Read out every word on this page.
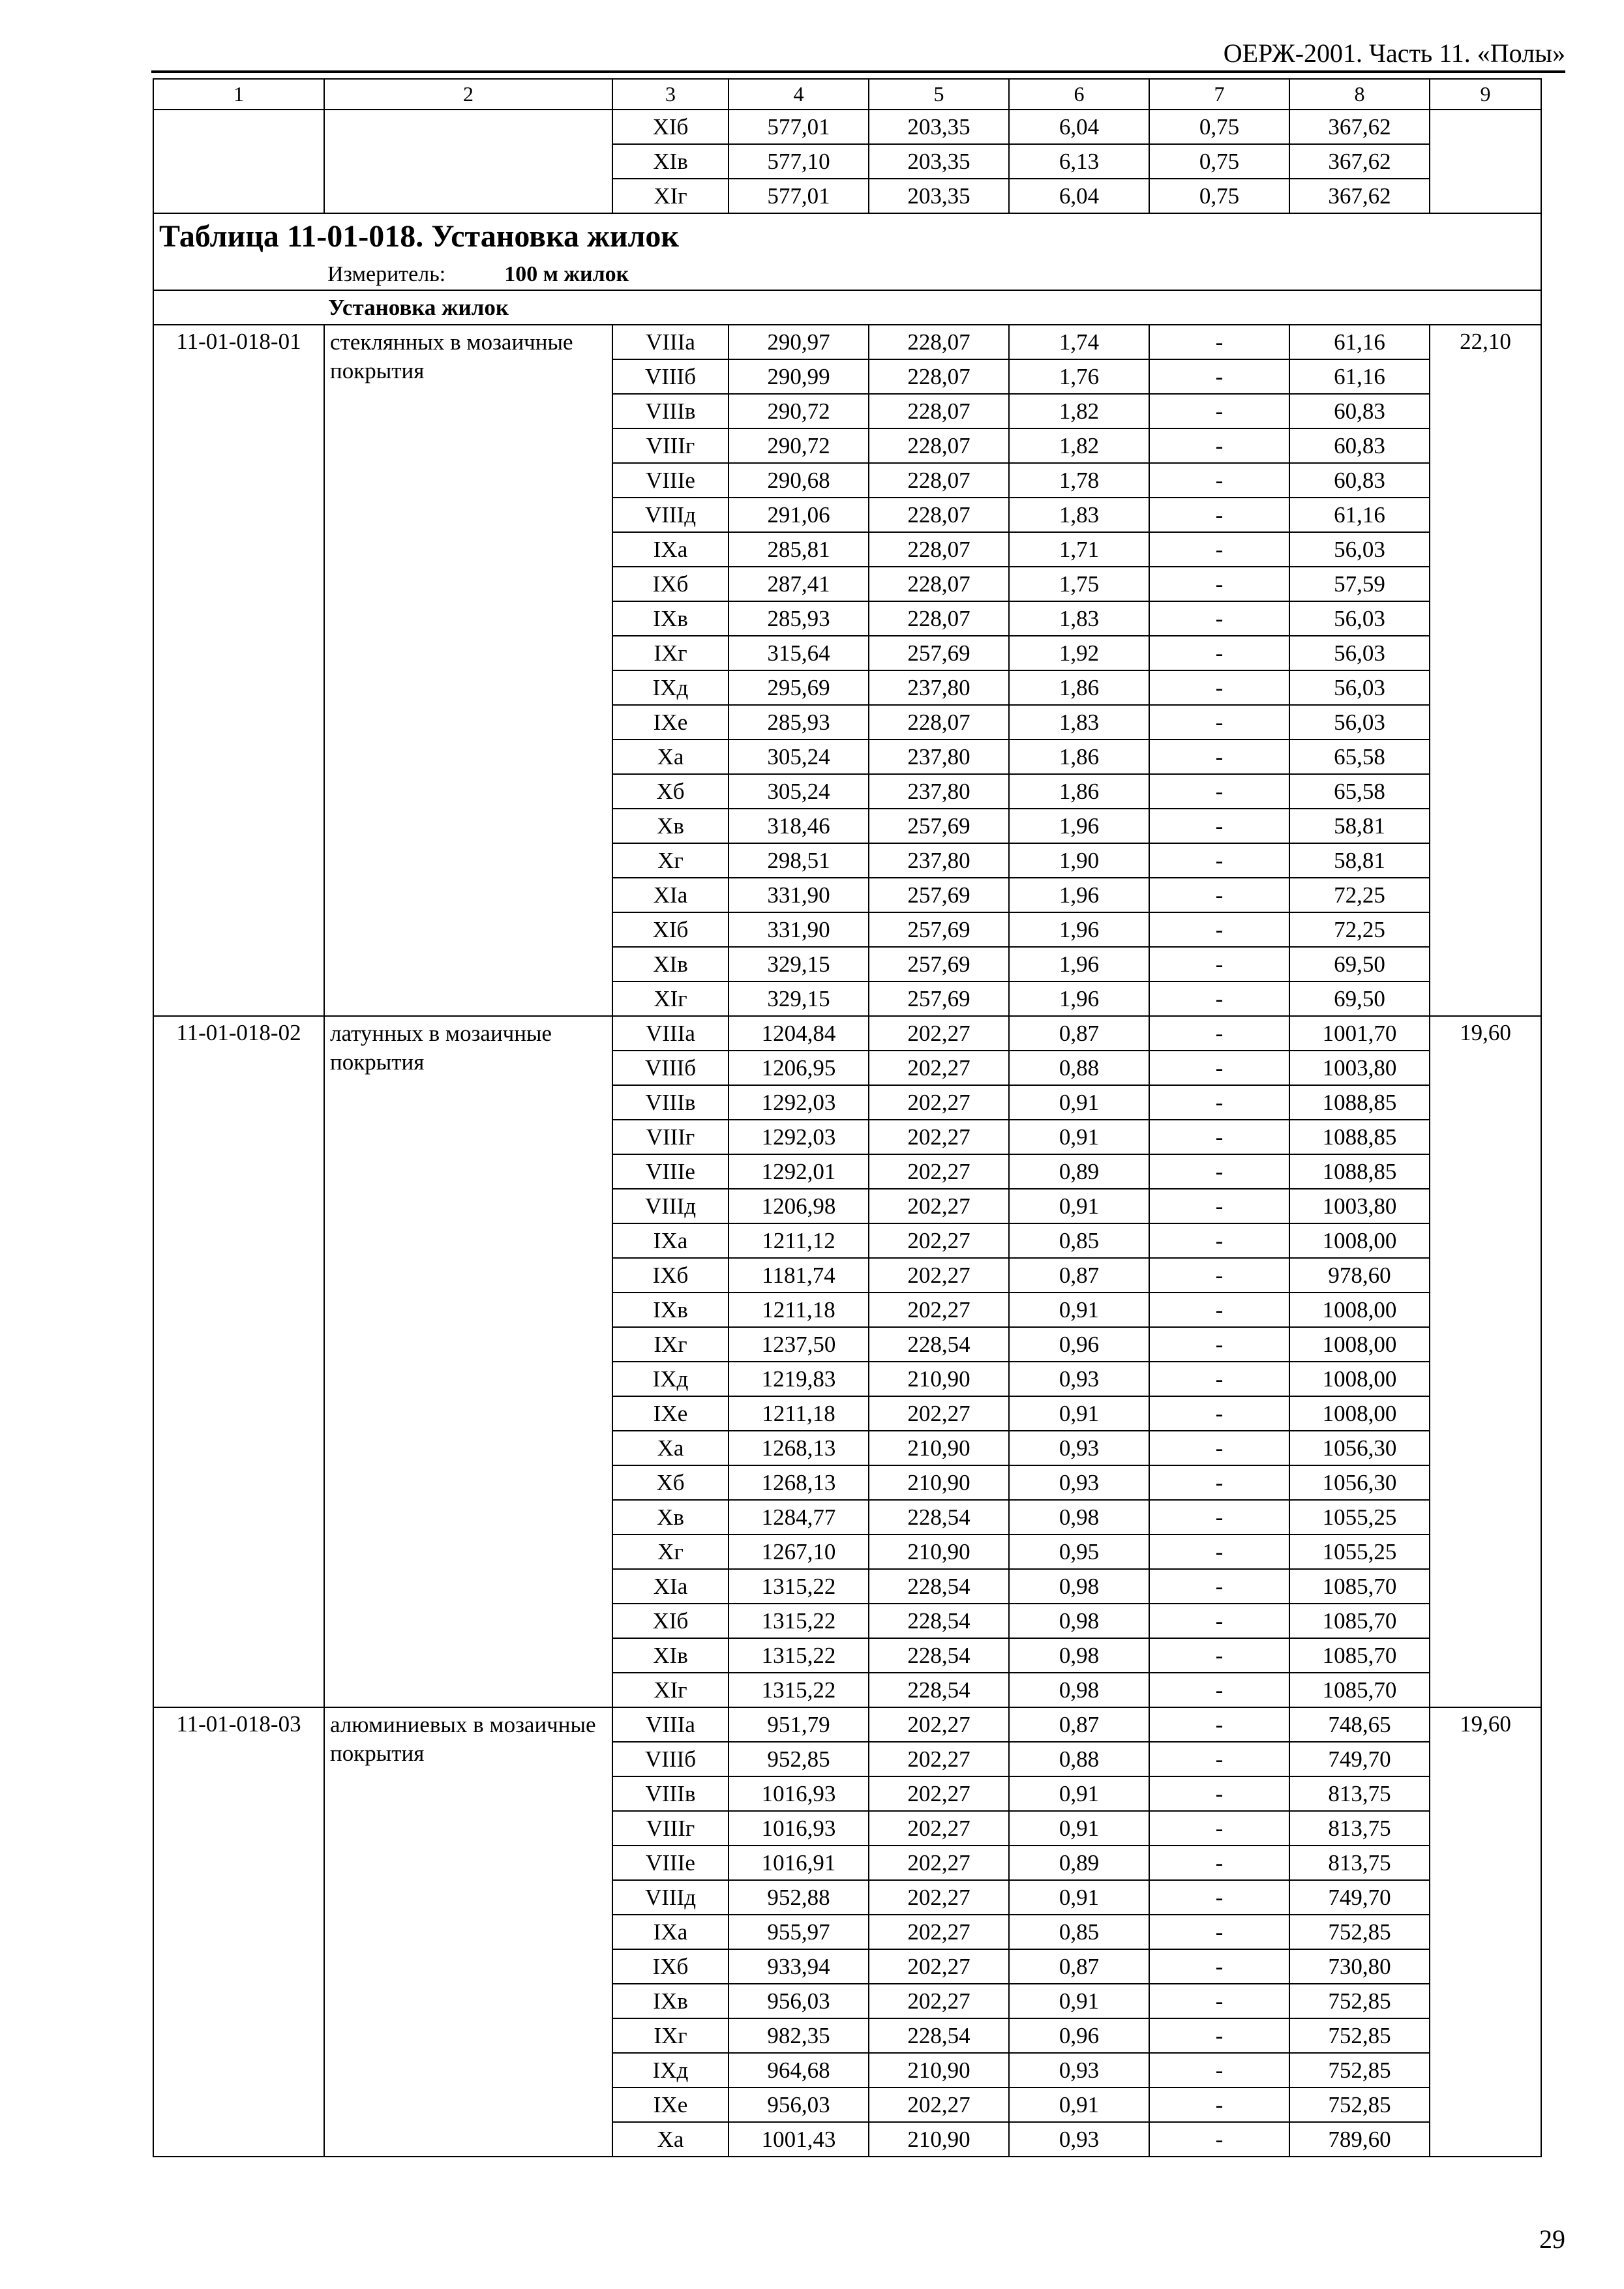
ОЕРЖ-2001. Часть 11. «Полы»
1	2	3	4	5	6	7	8	9
		XIб	577,01	203,35	6,04	0,75	367,62	
		XIв	577,10	203,35	6,13	0,75	367,62	
		XIг	577,01	203,35	6,04	0,75	367,62	

Таблица 11-01-018. Установка жилок
Измеритель: 100 м жилок								

	Установка жилок							
11-01-018-01	стеклянных в мозаичные покрытия	VIIIа	290,97	228,07	1,74	-	61,16	22,10
		VIIIб	290,99	228,07	1,76	-	61,16	
		VIIIв	290,72	228,07	1,82	-	60,83	
		VIIIг	290,72	228,07	1,82	-	60,83	
		VIIIе	290,68	228,07	1,78	-	60,83	
		VIIIд	291,06	228,07	1,83	-	61,16	
		IXа	285,81	228,07	1,71	-	56,03	
		IXб	287,41	228,07	1,75	-	57,59	
		IXв	285,93	228,07	1,83	-	56,03	
		IXг	315,64	257,69	1,92	-	56,03	
		IXд	295,69	237,80	1,86	-	56,03	
		IXе	285,93	228,07	1,83	-	56,03	
		Xа	305,24	237,80	1,86	-	65,58	
		Xб	305,24	237,80	1,86	-	65,58	
		Xв	318,46	257,69	1,96	-	58,81	
		Xг	298,51	237,80	1,90	-	58,81	
		XIа	331,90	257,69	1,96	-	72,25	
		XIб	331,90	257,69	1,96	-	72,25	
		XIв	329,15	257,69	1,96	-	69,50	
		XIг	329,15	257,69	1,96	-	69,50	
11-01-018-02	латунных в мозаичные покрытия	VIIIа	1204,84	202,27	0,87	-	1001,70	19,60
		VIIIб	1206,95	202,27	0,88	-	1003,80	
		VIIIв	1292,03	202,27	0,91	-	1088,85	
		VIIIг	1292,03	202,27	0,91	-	1088,85	
		VIIIе	1292,01	202,27	0,89	-	1088,85	
		VIIIд	1206,98	202,27	0,91	-	1003,80	
		IXа	1211,12	202,27	0,85	-	1008,00	
		IXб	1181,74	202,27	0,87	-	978,60	
		IXв	1211,18	202,27	0,91	-	1008,00	
		IXг	1237,50	228,54	0,96	-	1008,00	
		IXд	1219,83	210,90	0,93	-	1008,00	
		IXе	1211,18	202,27	0,91	-	1008,00	
		Xа	1268,13	210,90	0,93	-	1056,30	
		Xб	1268,13	210,90	0,93	-	1056,30	
		Xв	1284,77	228,54	0,98	-	1055,25	
		Xг	1267,10	210,90	0,95	-	1055,25	
		XIа	1315,22	228,54	0,98	-	1085,70	
		XIб	1315,22	228,54	0,98	-	1085,70	
		XIв	1315,22	228,54	0,98	-	1085,70	
		XIг	1315,22	228,54	0,98	-	1085,70	
11-01-018-03	алюминиевых в мозаичные покрытия	VIIIа	951,79	202,27	0,87	-	748,65	19,60
		VIIIб	952,85	202,27	0,88	-	749,70	
		VIIIв	1016,93	202,27	0,91	-	813,75	
		VIIIг	1016,93	202,27	0,91	-	813,75	
		VIIIе	1016,91	202,27	0,89	-	813,75	
		VIIIд	952,88	202,27	0,91	-	749,70	
		IXа	955,97	202,27	0,85	-	752,85	
		IXб	933,94	202,27	0,87	-	730,80	
		IXв	956,03	202,27	0,91	-	752,85	
		IXг	982,35	228,54	0,96	-	752,85	
		IXд	964,68	210,90	0,93	-	752,85	
		IXе	956,03	202,27	0,91	-	752,85	
		Xа	1001,43	210,90	0,93	-	789,60	
29
